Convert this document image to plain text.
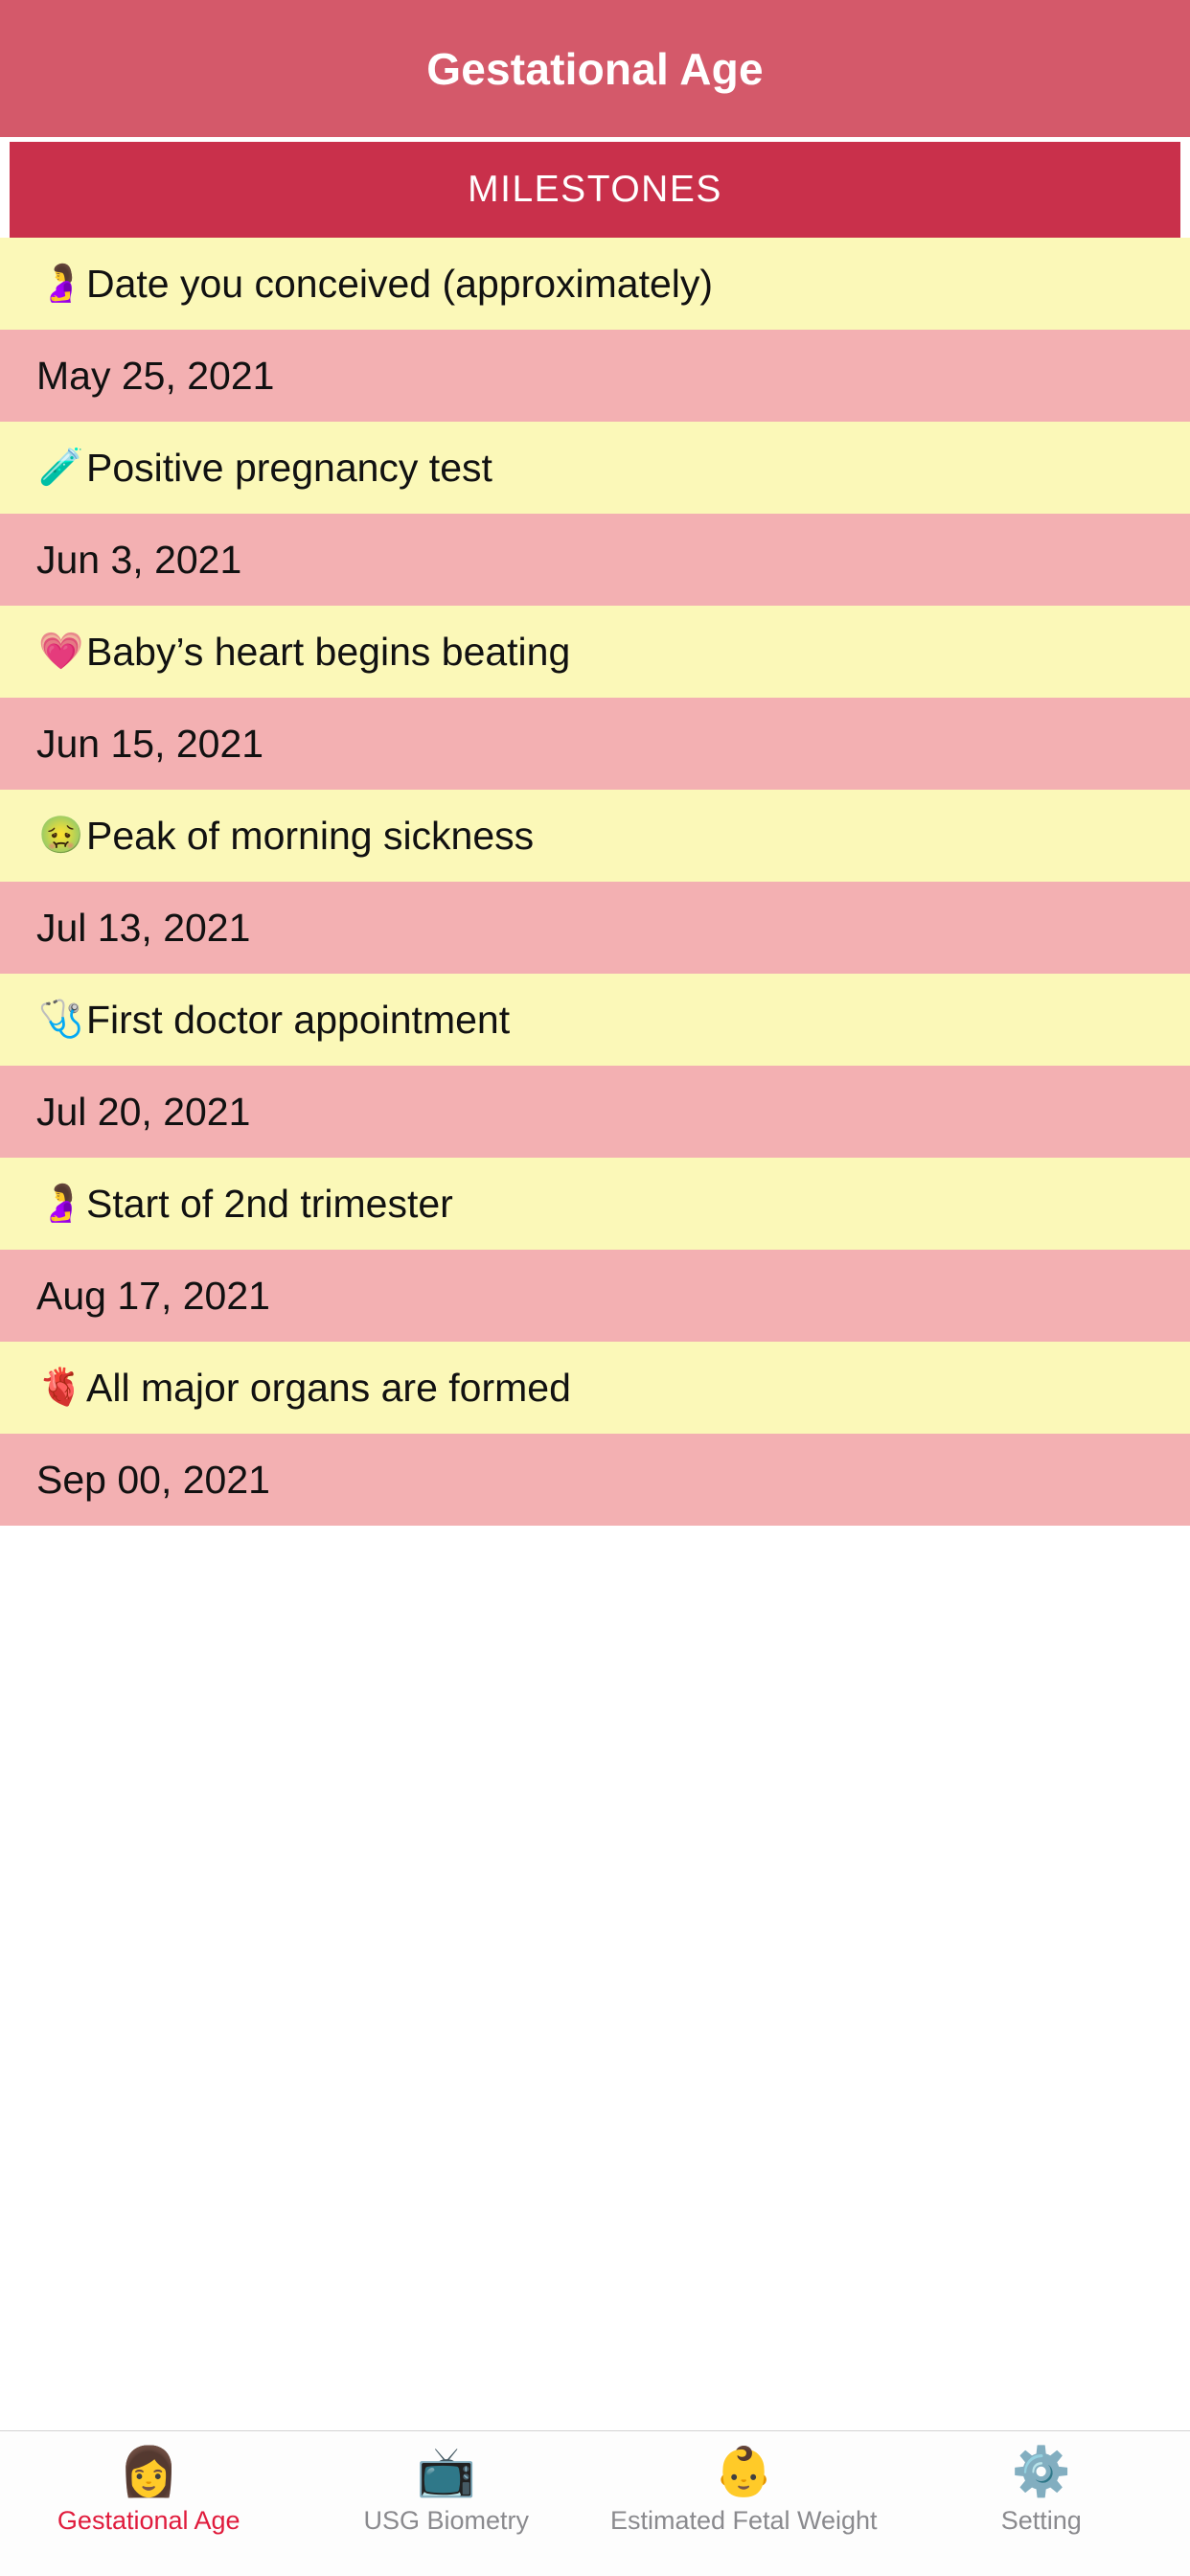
Gestational Age
MILESTONES
🤰 Date you conceived (approximately)
May 25, 2021
🧪 Positive pregnancy test
Jun 3, 2021
💗 Baby’s heart begins beating
Jun 15, 2021
🤢 Peak of morning sickness
Jul 13, 2021
🩺 First doctor appointment
Jul 20, 2021
🤰 Start of 2nd trimester
Aug 17, 2021
🫀 All major organs are formed
Sep 00, 2021
👩
Gestational Age
📺
USG Biometry
👶
Estimated Fetal Weight
⚙️
Setting
